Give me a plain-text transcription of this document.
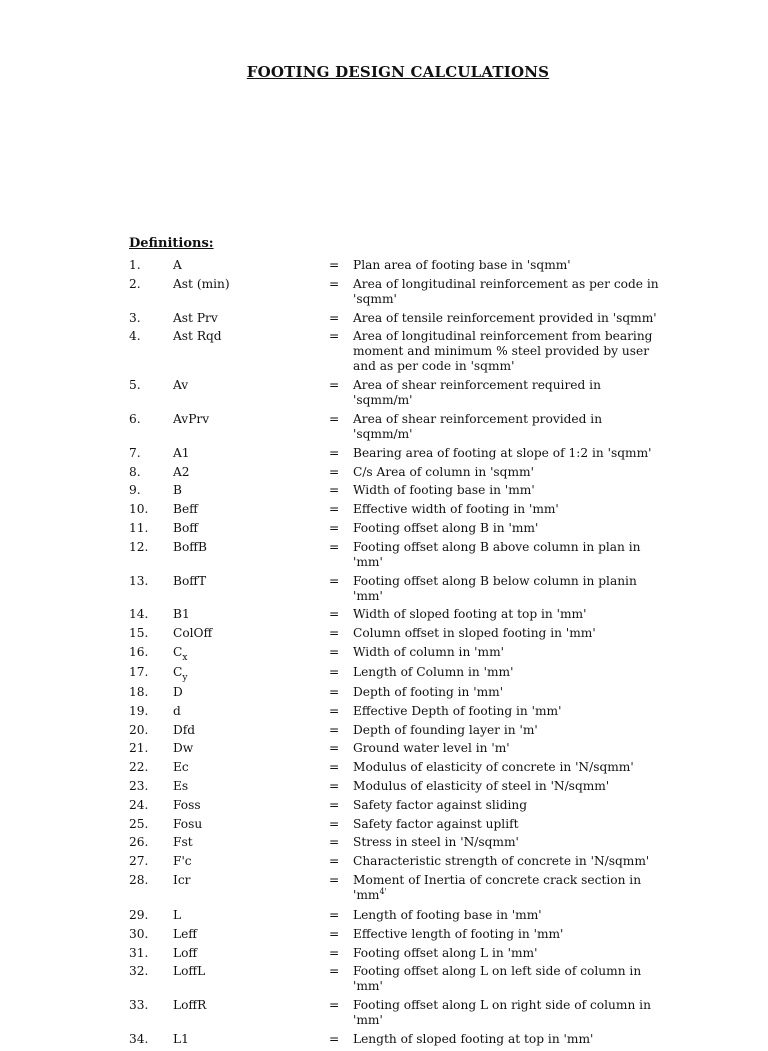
FOOTING DESIGN CALCULATIONS
Definitions:
1.	A	=	Plan area of footing base in 'sqmm'
2.	Ast (min)	=	Area of longitudinal reinforcement as per code in 'sqmm'
3.	Ast Prv	=	Area of tensile reinforcement provided in 'sqmm'
4.	Ast Rqd	=	Area of longitudinal reinforcement from bearing moment and minimum % steel provided by user and as per code in 'sqmm'
5.	Av	=	Area of shear reinforcement required in 'sqmm/m'
6.	AvPrv	=	Area of shear reinforcement provided in 'sqmm/m'
7.	A1	=	Bearing area of footing at slope of 1:2 in 'sqmm'
8.	A2	=	C/s Area of column in 'sqmm'
9.	B	=	Width of footing base in 'mm'
10.	Beff	=	Effective width of footing in 'mm'
11.	Boff	=	Footing offset along B in 'mm'
12.	BoffB	=	Footing offset along B above column in plan in 'mm'
13.	BoffT	=	Footing offset along B below column in planin 'mm'
14.	B1	=	Width of sloped footing at top in 'mm'
15.	ColOff	=	Column offset in sloped footing in 'mm'
16.	$C_x$	=	Width of column in 'mm'
17.	$C_y$	=	Length of Column in 'mm'
18.	D	=	Depth of footing in 'mm'
19.	d	=	Effective Depth of footing in 'mm'
20.	Dfd	=	Depth of founding layer in 'm'
21.	Dw	=	Ground water level in 'm'
22.	Ec	=	Modulus of elasticity of concrete in 'N/sqmm'
23.	Es	=	Modulus of elasticity of steel in 'N/sqmm'
24.	Foss	=	Safety factor against sliding
25.	Fosu	=	Safety factor against uplift
26.	Fst	=	Stress in steel in 'N/sqmm'
27.	F'c	=	Characteristic strength of concrete in 'N/sqmm'
28.	Icr	=	Moment of Inertia of concrete crack section in '$mm^{4'}$
29.	L	=	Length of footing base in 'mm'
30.	Leff	=	Effective length of footing in 'mm'
31.	Loff	=	Footing offset along L in 'mm'
32.	LoffL	=	Footing offset along L on left side of column in 'mm'
33.	LoffR	=	Footing offset along L on right side of column in 'mm'
34.	L1	=	Length of sloped footing at top in 'mm'
